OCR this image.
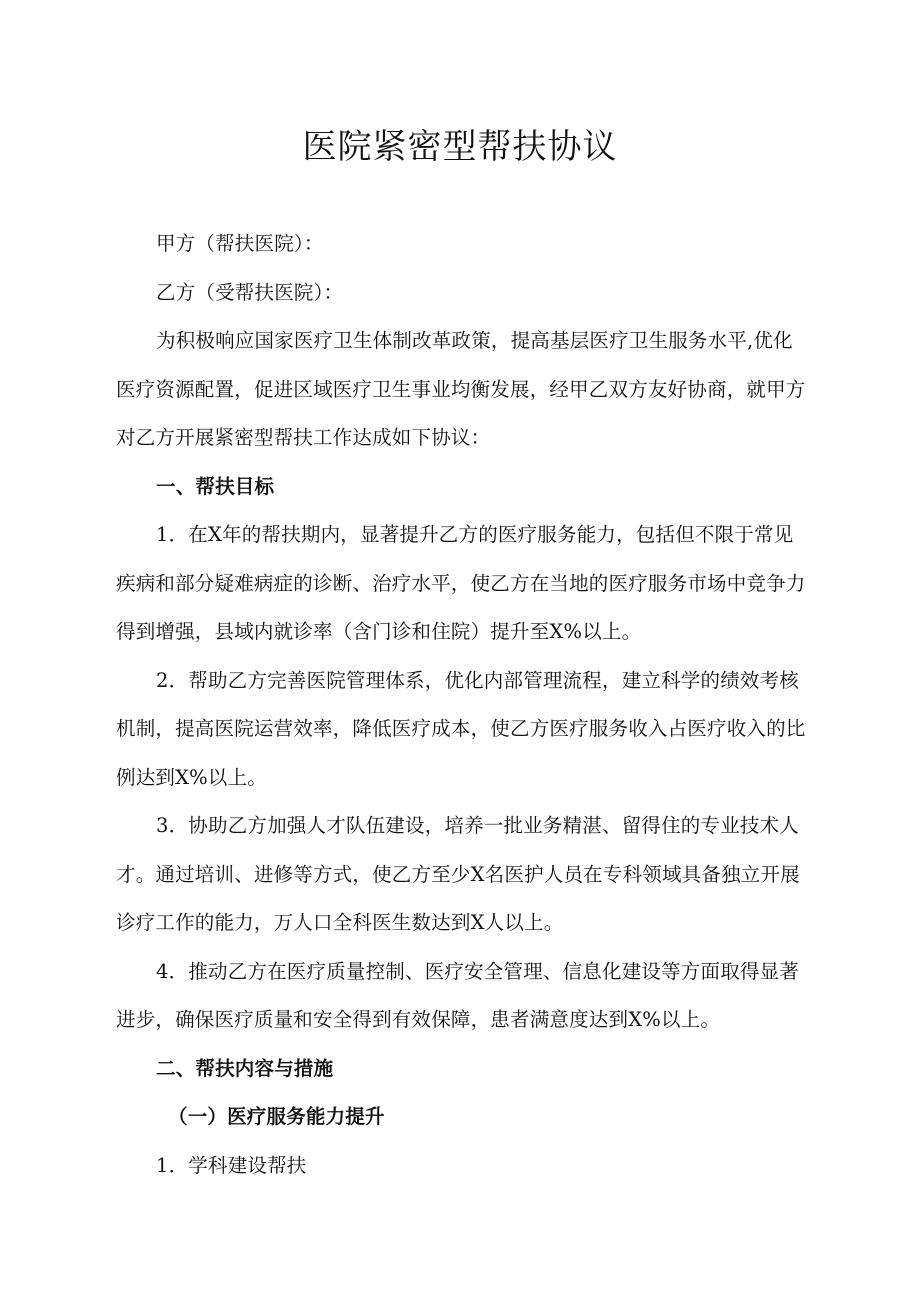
医院紧密型帮扶协议
甲方（帮扶医院）：
乙方（受帮扶医院）：
为积极响应国家医疗卫生体制改革政策，提高基层医疗卫生服务水平,优化
医疗资源配置，促进区域医疗卫生事业均衡发展，经甲乙双方友好协商，就甲方
对乙方开展紧密型帮扶工作达成如下协议：
一、帮扶目标
1．在X年的帮扶期内，显著提升乙方的医疗服务能力，包括但不限于常见
疾病和部分疑难病症的诊断、治疗水平，使乙方在当地的医疗服务市场中竞争力
得到增强，县域内就诊率（含门诊和住院）提升至X%以上。
2．帮助乙方完善医院管理体系，优化内部管理流程，建立科学的绩效考核
机制，提高医院运营效率，降低医疗成本，使乙方医疗服务收入占医疗收入的比
例达到X%以上。
3．协助乙方加强人才队伍建设，培养一批业务精湛、留得住的专业技术人
才。通过培训、进修等方式，使乙方至少X名医护人员在专科领域具备独立开展
诊疗工作的能力，万人口全科医生数达到X人以上。
4．推动乙方在医疗质量控制、医疗安全管理、信息化建设等方面取得显著
进步，确保医疗质量和安全得到有效保障，患者满意度达到X%以上。
二、帮扶内容与措施
（一）医疗服务能力提升
1．学科建设帮扶
